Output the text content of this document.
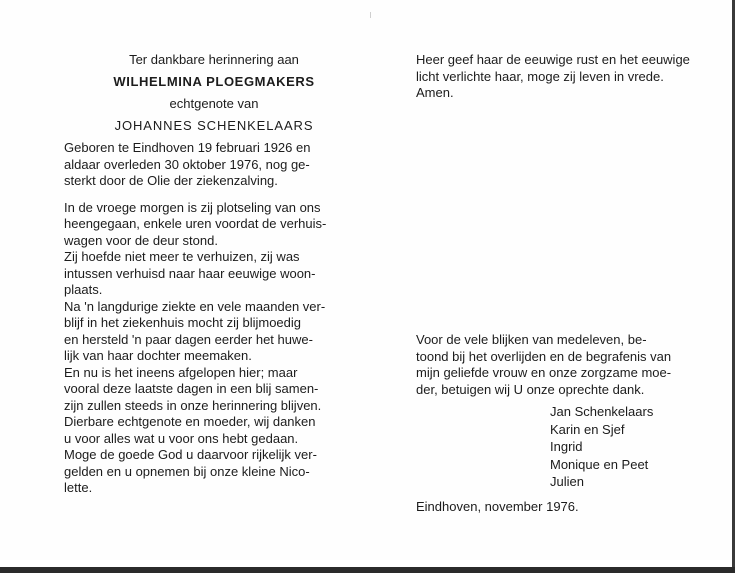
Ter dankbare herinnering aan
WILHELMINA PLOEGMAKERS
echtgenote van
JOHANNES SCHENKELAARS
Geboren te Eindhoven 19 februari 1926 en
aldaar overleden 30 oktober 1976, nog ge-
sterkt door de Olie der ziekenzalving.
In de vroege morgen is zij plotseling van ons
heengegaan, enkele uren voordat de verhuis-
wagen voor de deur stond.
Zij hoefde niet meer te verhuizen, zij was
intussen verhuisd naar haar eeuwige woon-
plaats.
Na 'n langdurige ziekte en vele maanden ver-
blijf in het ziekenhuis mocht zij blijmoedig
en hersteld 'n paar dagen eerder het huwe-
lijk van haar dochter meemaken.
En nu is het ineens afgelopen hier; maar
vooral deze laatste dagen in een blij samen-
zijn zullen steeds in onze herinnering blijven.
Dierbare echtgenote en moeder, wij danken
u voor alles wat u voor ons hebt gedaan.
Moge de goede God u daarvoor rijkelijk ver-
gelden en u opnemen bij onze kleine Nico-
lette.
Heer geef haar de eeuwige rust en het eeuwige
licht verlichte haar, moge zij leven in vrede.
Amen.
Voor de vele blijken van medeleven, be-
toond bij het overlijden en de begrafenis van
mijn geliefde vrouw en onze zorgzame moe-
der, betuigen wij U onze oprechte dank.
Jan Schenkelaars
Karin en Sjef
Ingrid
Monique en Peet
Julien
Eindhoven, november 1976.
